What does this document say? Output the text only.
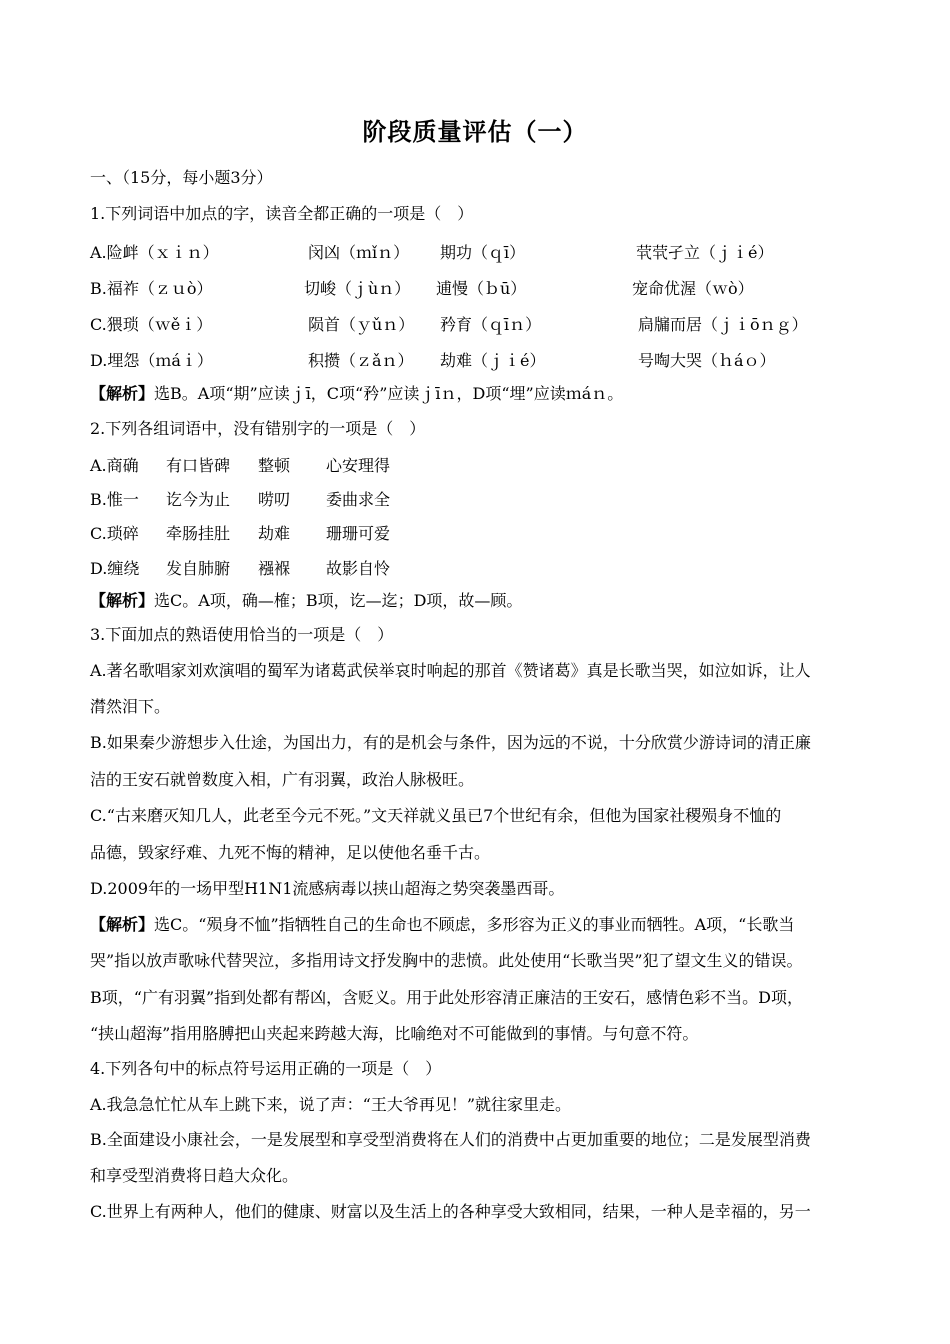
阶段质量评估（一）
一、（15分，每小题3分）
1.下列词语中加点的字，读音全都正确的一项是（　）
A.险衅（ｘｉｎ）	闵凶（ｍǐｎ） 期功（ｑī）	茕茕孑立（ｊｉé）
B.福祚（ｚｕò）	切峻（ｊùｎ） 逋慢（ｂū）	宠命优渥（ｗò）
C.猥琐（ｗěｉ）	陨首（ｙǔｎ） 矜育（ｑīｎ）	扃牖而居（ｊｉōｎｇ）
D.埋怨（ｍáｉ）	积攒（ｚǎｎ） 劫难（ｊｉé）	号啕大哭（ｈáｏ）
【解析】选B。A项“期”应读ｊī，C项“矜”应读ｊīｎ，D项“埋”应读ｍáｎ。
2.下列各组词语中，没有错别字的一项是（　）
A.商确 有口皆碑 整顿 心安理得
B.惟一 讫今为止 唠叨 委曲求全
C.琐碎 牵肠挂肚 劫难 珊珊可爱
D.缠绕 发自肺腑 襁褓 故影自怜
【解析】选C。A项，确—榷；B项，讫—迄；D项，故—顾。
3.下面加点的熟语使用恰当的一项是（　）
A.著名歌唱家刘欢演唱的蜀军为诸葛武侯举哀时响起的那首《赞诸葛》真是长歌当哭，如泣如诉，让人
潸然泪下。
B.如果秦少游想步入仕途，为国出力，有的是机会与条件，因为远的不说，十分欣赏少游诗词的清正廉
洁的王安石就曾数度入相，广有羽翼，政治人脉极旺。
C.“古来磨灭知几人，此老至今元不死。”文天祥就义虽已7个世纪有余，但他为国家社稷殒身不恤的
品德，毁家纾难、九死不悔的精神，足以使他名垂千古。
D.2009年的一场甲型H1N1流感病毒以挟山超海之势突袭墨西哥。
【解析】选C。“殒身不恤”指牺牲自己的生命也不顾虑，多形容为正义的事业而牺牲。A项，“长歌当
哭”指以放声歌咏代替哭泣，多指用诗文抒发胸中的悲愤。此处使用“长歌当哭”犯了望文生义的错误。
B项，“广有羽翼”指到处都有帮凶，含贬义。用于此处形容清正廉洁的王安石，感情色彩不当。D项，
“挟山超海”指用胳膊把山夹起来跨越大海，比喻绝对不可能做到的事情。与句意不符。
4.下列各句中的标点符号运用正确的一项是（　）
A.我急急忙忙从车上跳下来，说了声：“王大爷再见！”就往家里走。
B.全面建设小康社会，一是发展型和享受型消费将在人们的消费中占更加重要的地位；二是发展型消费
和享受型消费将日趋大众化。
C.世界上有两种人，他们的健康、财富以及生活上的各种享受大致相同，结果，一种人是幸福的，另一
